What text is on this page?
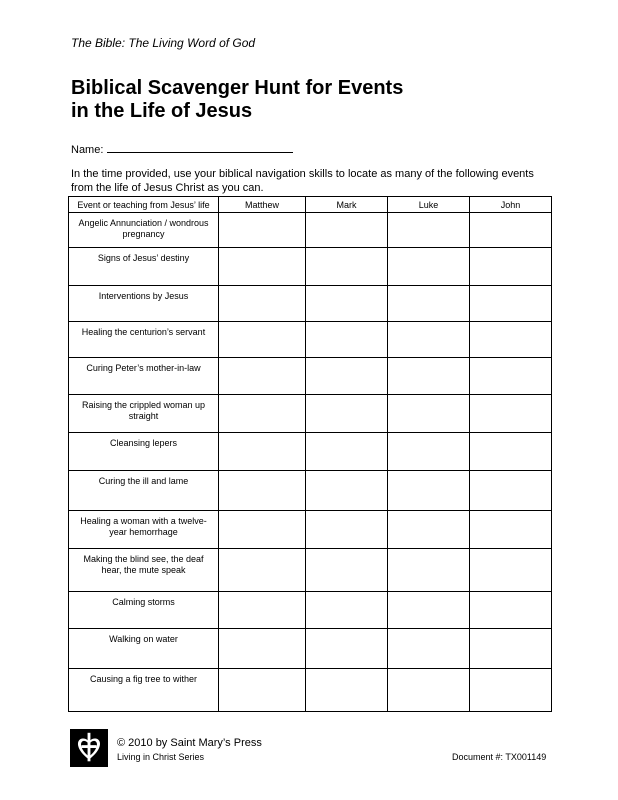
The Bible: The Living Word of God
Biblical Scavenger Hunt for Events
in the Life of Jesus
Name:
In the time provided, use your biblical navigation skills to locate as many of the following events from the life of Jesus Christ as you can.
Event or teaching from Jesus’ life	Matthew	Mark	Luke	John
Angelic Annunciation / wondrous pregnancy				
Signs of Jesus’ destiny				
Interventions by Jesus				
Healing the centurion’s servant				
Curing Peter’s mother-in-law				
Raising the crippled woman up straight				
Cleansing lepers				
Curing the ill and lame				
Healing a woman with a twelve-year hemorrhage				
Making the blind see, the deaf hear, the mute speak				
Calming storms				
Walking on water				
Causing a fig tree to wither				
© 2010 by Saint Mary’s Press
Living in Christ Series	Document #: TX001149
